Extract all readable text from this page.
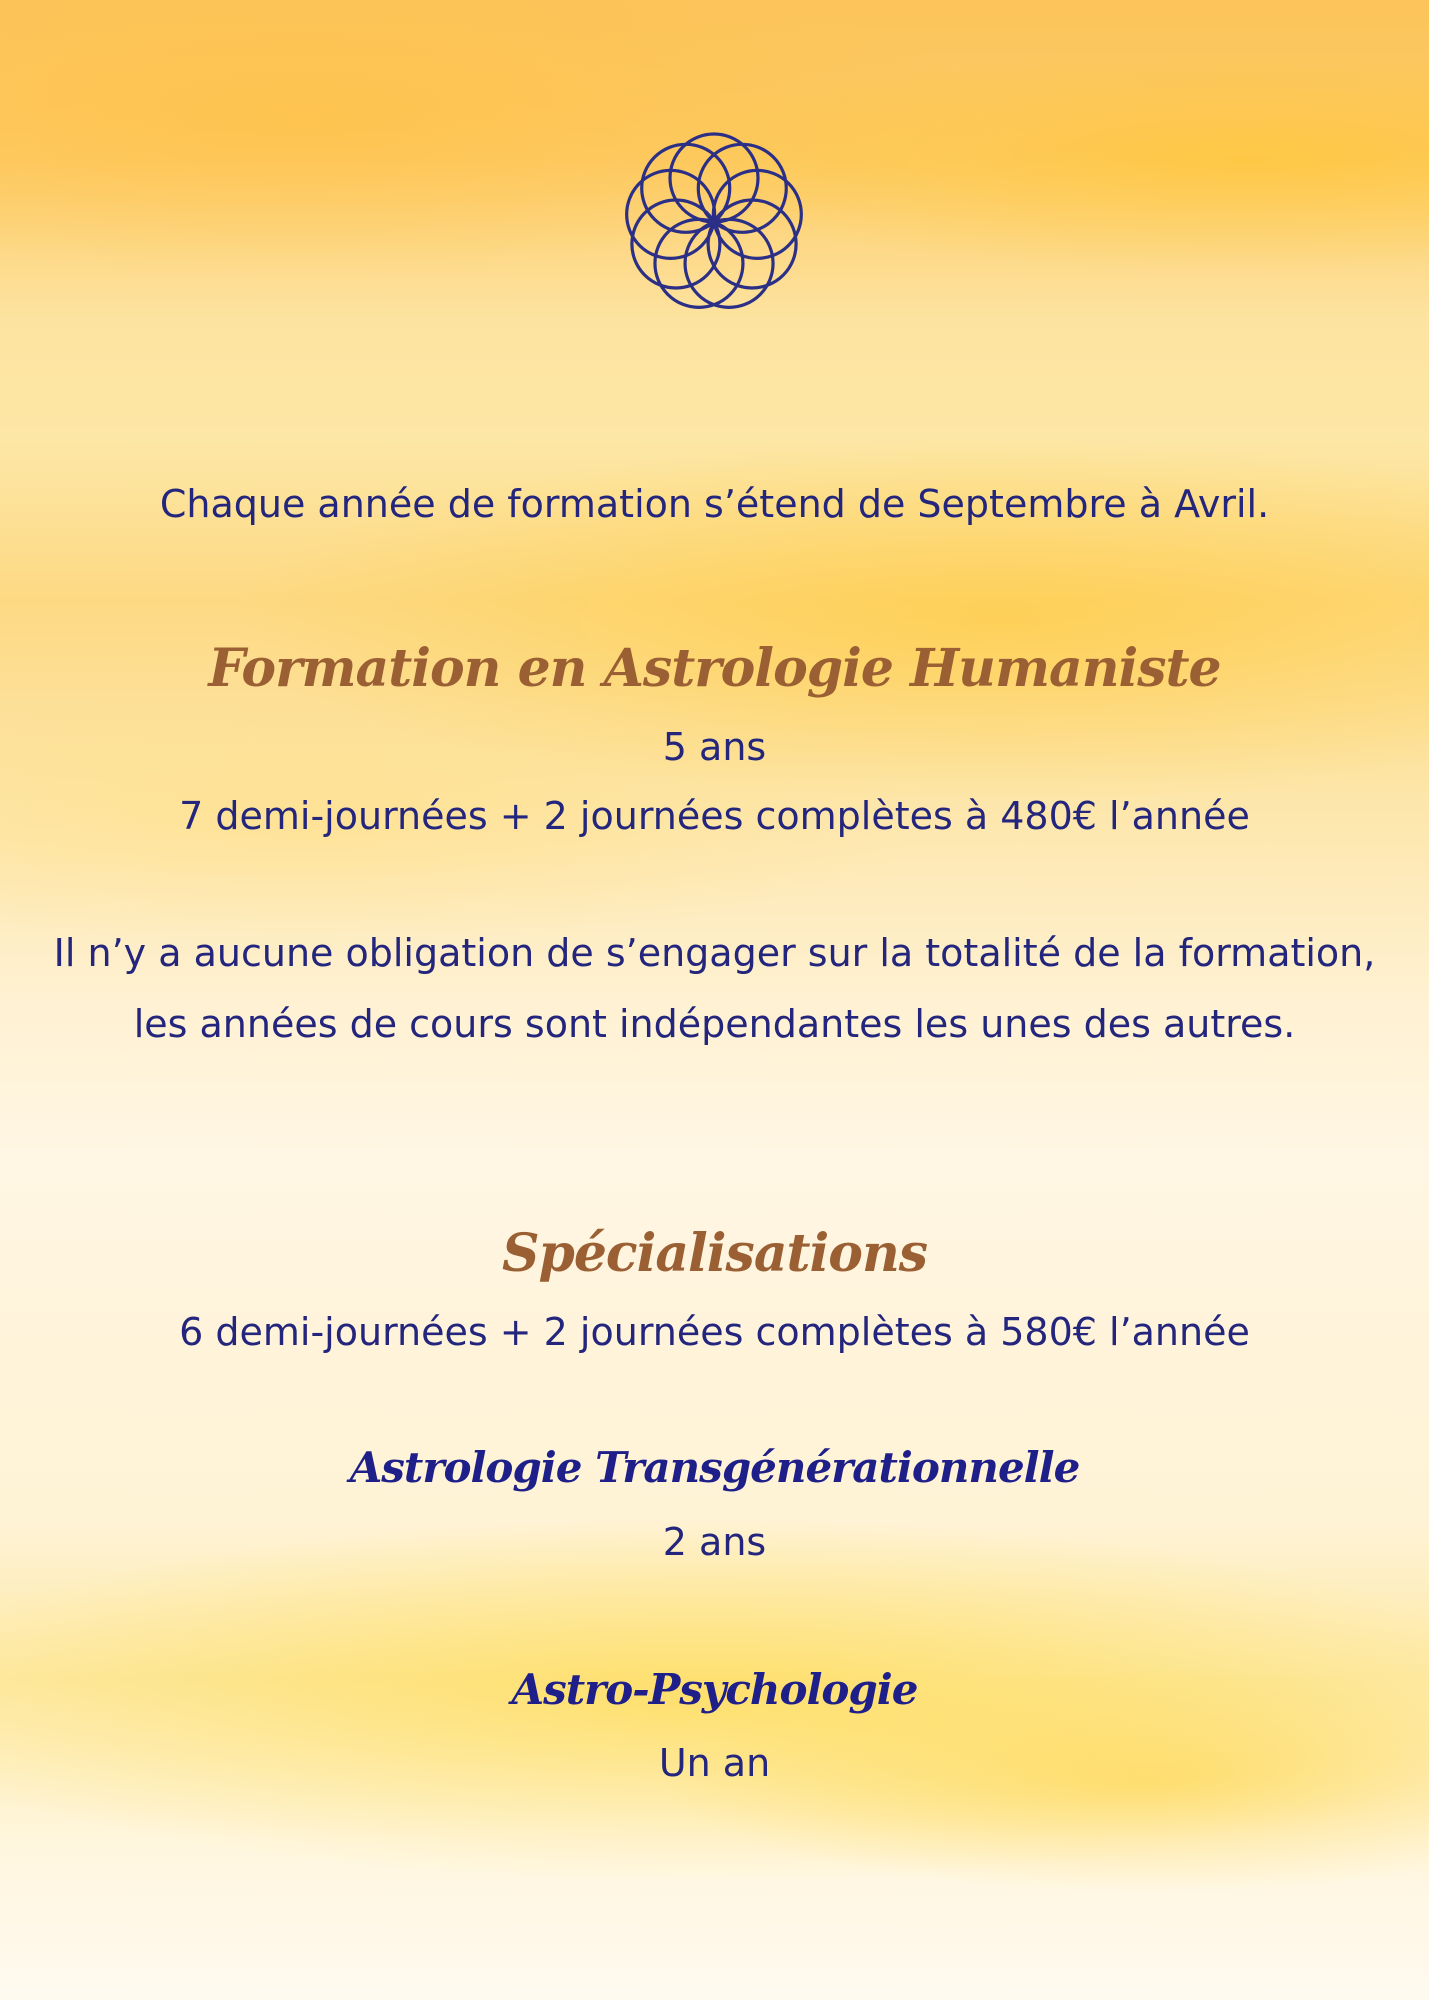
Chaque année de formation s’étend de Septembre à Avril.
Formation en Astrologie Humaniste
5 ans
7 demi-journées + 2 journées complètes à 480€ l’année
Il n’y a aucune obligation de s’engager sur la totalité de la formation,
les années de cours sont indépendantes les unes des autres.
Spécialisations
6 demi-journées + 2 journées complètes à 580€ l’année
Astrologie Transgénérationnelle
2 ans
Astro-Psychologie
Un an
